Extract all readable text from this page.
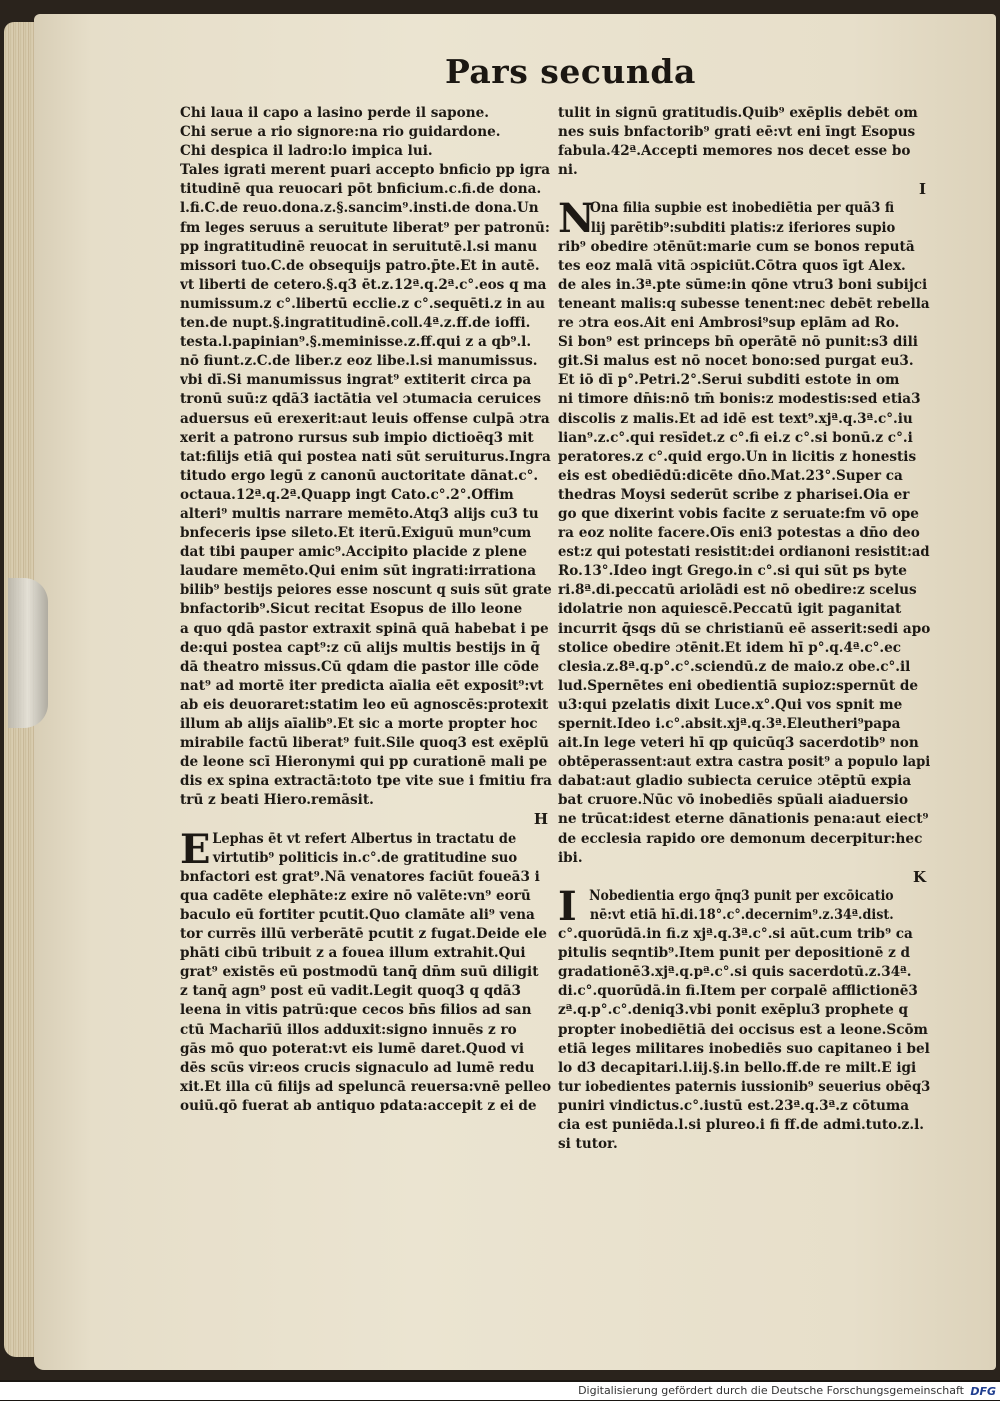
Pars secunda
Chi laua il capo a lasino perde il sapone.
Chi serue a rio signore:na rio guidardone.
Chi despica il ladro:lo impica lui.
Tales igrati merent puari accepto bnficio pp igra
titudinē qua reuocari pōt bnficium.c.fi.de dona.
l.fi.C.de reuo.dona.z.§.sancim⁹.insti.de dona.Un
fm leges seruus a seruitute liberat⁹ per patronū:
pp ingratitudinē reuocat in seruitutē.l.si manu
missori tuo.C.de obsequijs patro.p̄te.Et in autē.
vt liberti de cetero.§.q3 ēt.z.12ª.q.2ª.c°.eos q ma
numissum.z c°.libertū ecclie.z c°.sequēti.z in au
ten.de nupt.§.ingratitudinē.coll.4ª.z.ff.de ioffi.
testa.l.papinian⁹.§.meminisse.z.ff.qui z a qb⁹.l.
nō fiunt.z.C.de liber.z eoz libe.l.si manumissus.
vbi dī.Si manumissus ingrat⁹ extiterit circa pa
tronū suū:z qdā3 iactātia vel ɔtumacia ceruices
aduersus eū erexerit:aut leuis offense culpā ɔtra
xerit a patrono rursus sub impio dictioēq3 mit
tat:filijs etiā qui postea nati sūt seruiturus.Ingra
titudo ergo legū z canonū auctoritate dānat.c°.
octaua.12ª.q.2ª.Quapp ingt Cato.c°.2°.Offim
alteri⁹ multis narrare memēto.Atq3 alijs cu3 tu
bnfeceris ipse sileto.Et iterū.Exiguū mun⁹cum
dat tibi pauper amic⁹.Accipito placide z plene
laudare memēto.Qui enim sūt ingrati:irrationa
bilib⁹ bestijs peiores esse noscunt q suis sūt grate
bnfactorib⁹.Sicut recitat Esopus de illo leone
a quo qdā pastor extraxit spinā quā habebat i pe
de:qui postea capt⁹:z cū alijs multis bestijs in q̄
dā theatro missus.Cū qdam die pastor ille cōde
nat⁹ ad mortē iter predicta aīalia eēt exposit⁹:vt
ab eis deuoraret:statim leo eū agnoscēs:protexit
illum ab alijs aīalib⁹.Et sic a morte propter hoc
mirabile factū liberat⁹ fuit.Sile quoq3 est exēplū
de leone scī Hieronymi qui pp curationē mali pe
dis ex spina extractā:toto tpe vite sue i fmitiu fra
trū z beati Hiero.remāsit.
H
E Lephas ēt vt refert Albertus in tractatu de
virtutib⁹ politicis in.c°.de gratitudine suo
bnfactori est grat⁹.Nā venatores faciūt foueā3 i
qua cadēte elephāte:z exire nō valēte:vn⁹ eorū
baculo eū fortiter pcutit.Quo clamāte ali⁹ vena
tor currēs illū verberātē pcutit z fugat.Deide ele
phāti cibū tribuit z a fouea illum extrahit.Qui
grat⁹ existēs eū postmodū tanq̄ dn̄m suū diligit
z tanq̄ agn⁹ post eū vadit.Legit quoq3 q qdā3
leena in vitis patrū:que cecos bn̄s filios ad san
ctū Macharīū illos adduxit:signo innuēs z ro
gās mō quo poterat:vt eis lumē daret.Quod vi
dēs scūs vir:eos crucis signaculo ad lumē redu
xit.Et illa cū filijs ad speluncā reuersa:vnē pelleo
ouiū.qō fuerat ab antiquo pdata:accepit z ei de
tulit in signū gratitudis.Quib⁹ exēplis debēt om
nes suis bnfactorib⁹ grati eē:vt eni īngt Esopus
fabula.42ª.Accepti memores nos decet esse bo
ni.
I
N
Ona filia supbie est inobediētia per quā3 fi
lij parētib⁹:subditi platis:z iferiores supio
rib⁹ obedire ɔtēnūt:marie cum se bonos reputā
tes eoz malā vitā ɔspiciūt.Cōtra quos īgt Alex.
de ales in.3ª.pte sūme:in qōne vtru3 boni subijci
teneant malis:q subesse tenent:nec debēt rebella
re ɔtra eos.Ait eni Ambrosi⁹sup eplām ad Ro.
Si bon⁹ est princeps bn̄ operātē nō punit:s3 dili
git.Si malus est nō nocet bono:sed purgat eu3.
Et iō dī p°.Petri.2°.Serui subditi estote in om
ni timore dn̄is:nō tm̄ bonis:z modestis:sed etia3
discolis z malis.Et ad idē est text⁹.xjª.q.3ª.c°.iu
lian⁹.z.c°.qui resīdet.z c°.fi ei.z c°.si bonū.z c°.i
peratores.z c°.quid ergo.Un in licitis z honestis
eis est obediēdū:dicēte dn̄o.Mat.23°.Super ca
thedras Moysi sederūt scribe z pharisei.Oia er
go que dixerint vobis facite z seruate:fm vō ope
ra eoz nolite facere.Oīs eni3 potestas a dn̄o deo
est:z qui potestati resistit:dei ordianoni resistit:ad
Ro.13°.Ideo ingt Grego.in c°.si qui sūt ps byte
ri.8ª.di.peccatū ariolādi est nō obedire:z scelus
idolatrie non aquiescē.Peccatū igit paganitat
incurrit q̄sqs dū se christianū eē asserit:sedi apo
stolice obedire ɔtēnit.Et idem hī p°.q.4ª.c°.ec
clesia.z.8ª.q.p°.c°.sciendū.z de maio.z obe.c°.il
lud.Spernētes eni obedientiā supioz:spernūt de
u3:qui pzelatis dixit Luce.x°.Qui vos spnit me
spernit.Ideo i.c°.absit.xjª.q.3ª.Eleutheri⁹papa
ait.In lege veteri hī qp quicūq3 sacerdotib⁹ non
obtēperassent:aut extra castra posit⁹ a populo lapi
dabat:aut gladio subiecta ceruice ɔtēptū expia
bat cruore.Nūc vō inobediēs spūali aiaduersio
ne trūcat:idest eterne dānationis pena:aut eiect⁹
de ecclesia rapido ore demonum decerpitur:hec
ibi.
K
I Nobedientia ergo q̄nq3 punit per excōicatio
nē:vt etiā hī.di.18°.c°.decernim⁹.z.34ª.dist.
c°.quorūdā.in fi.z xjª.q.3ª.c°.si aūt.cum trib⁹ ca
pitulis seqntib⁹.Item punit per depositionē z d
gradationē3.xjª.q.pª.c°.si quis sacerdotū.z.34ª.
di.c°.quorūdā.in fi.Item per corpalē afflictionē3
zª.q.p°.c°.deniq3.vbi ponit exēplu3 prophete q
propter inobediētiā dei occisus est a leone.Scōm
etiā leges militares inobediēs suo capitaneo i bel
lo d3 decapitari.l.iij.§.in bello.ff.de re milt.E igi
tur iobedientes paternis iussionib⁹ seuerius obēq3
puniri vindictus.c°.iustū est.23ª.q.3ª.z cōtuma
cia est puniēda.l.si plureo.i fi ff.de admi.tuto.z.l.
si tutor.
Digitalisierung gefördert durch die Deutsche Forschungsgemeinschaft DFG
